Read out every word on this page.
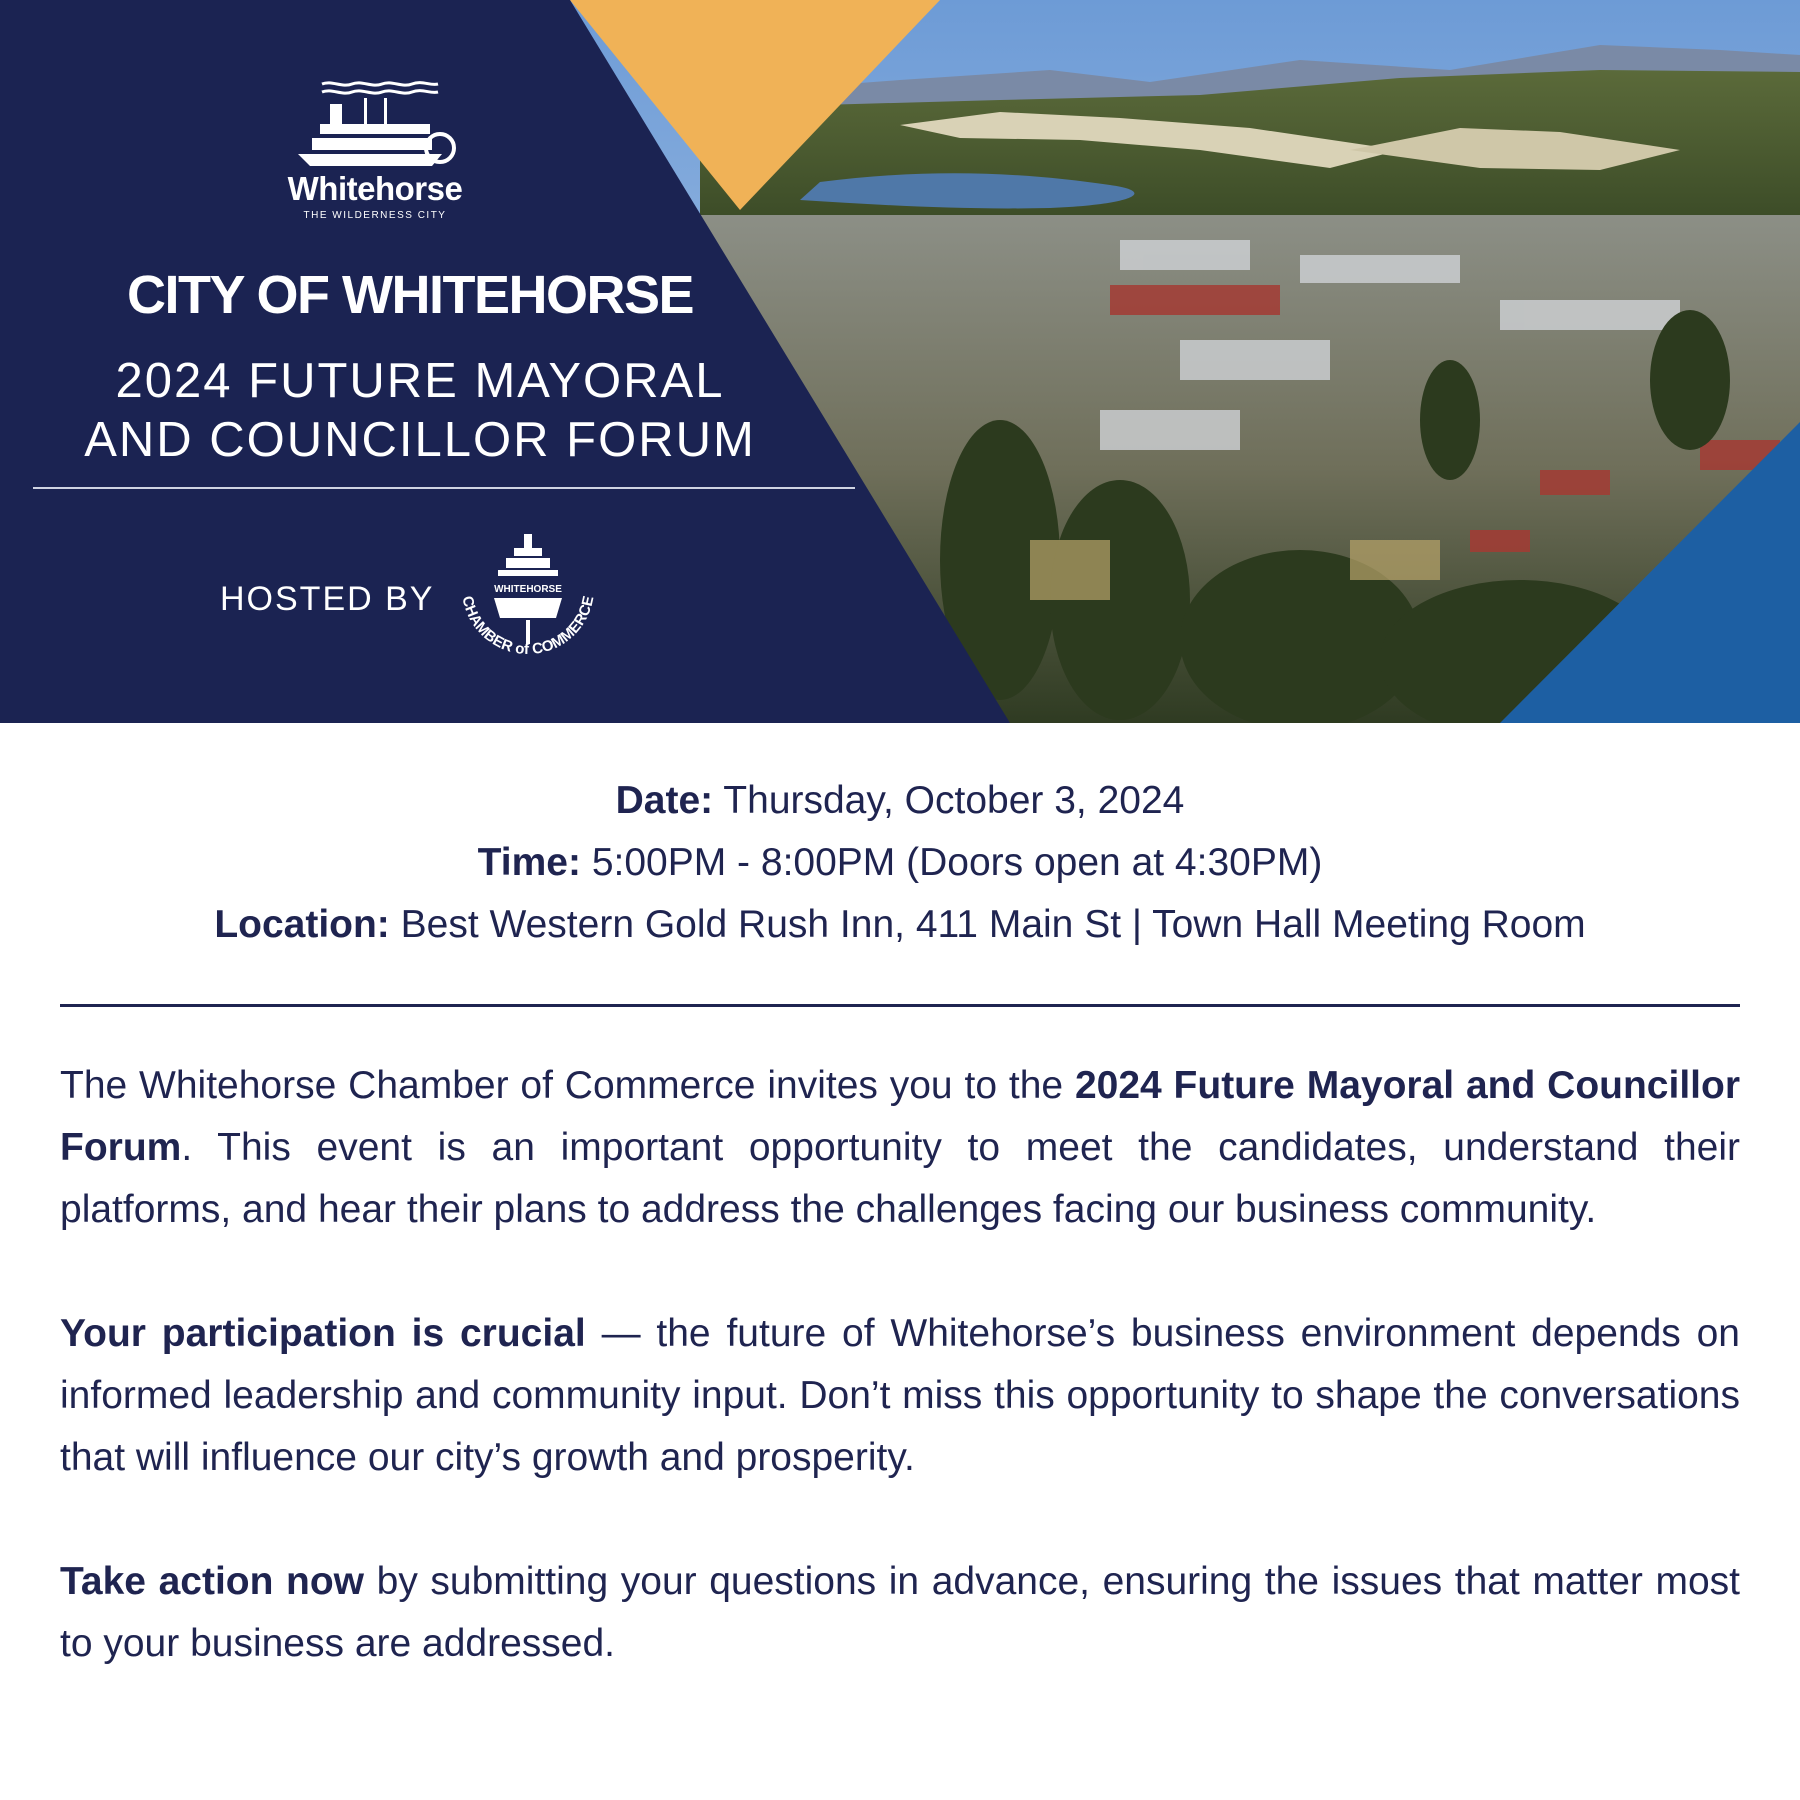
Whitehorse
THE WILDERNESS CITY
CITY OF WHITEHORSE
2024 FUTURE MAYORAL
AND COUNCILLOR FORUM
HOSTED BY	WHITEHORSE
CHAMBER of COMMERCE
Date: Thursday, October 3, 2024
Time: 5:00PM - 8:00PM (Doors open at 4:30PM)
Location: Best Western Gold Rush Inn, 411 Main St | Town Hall Meeting Room

The Whitehorse Chamber of Commerce invites you to the 2024 Future Mayoral and Councillor Forum. This event is an important opportunity to meet the candidates, understand their platforms, and hear their plans to address the challenges facing our business community.

Your participation is crucial — the future of Whitehorse’s business environment depends on informed leadership and community input. Don’t miss this opportunity to shape the conversations that will influence our city’s growth and prosperity.

Take action now by submitting your questions in advance, ensuring the issues that matter most to your business are addressed.
